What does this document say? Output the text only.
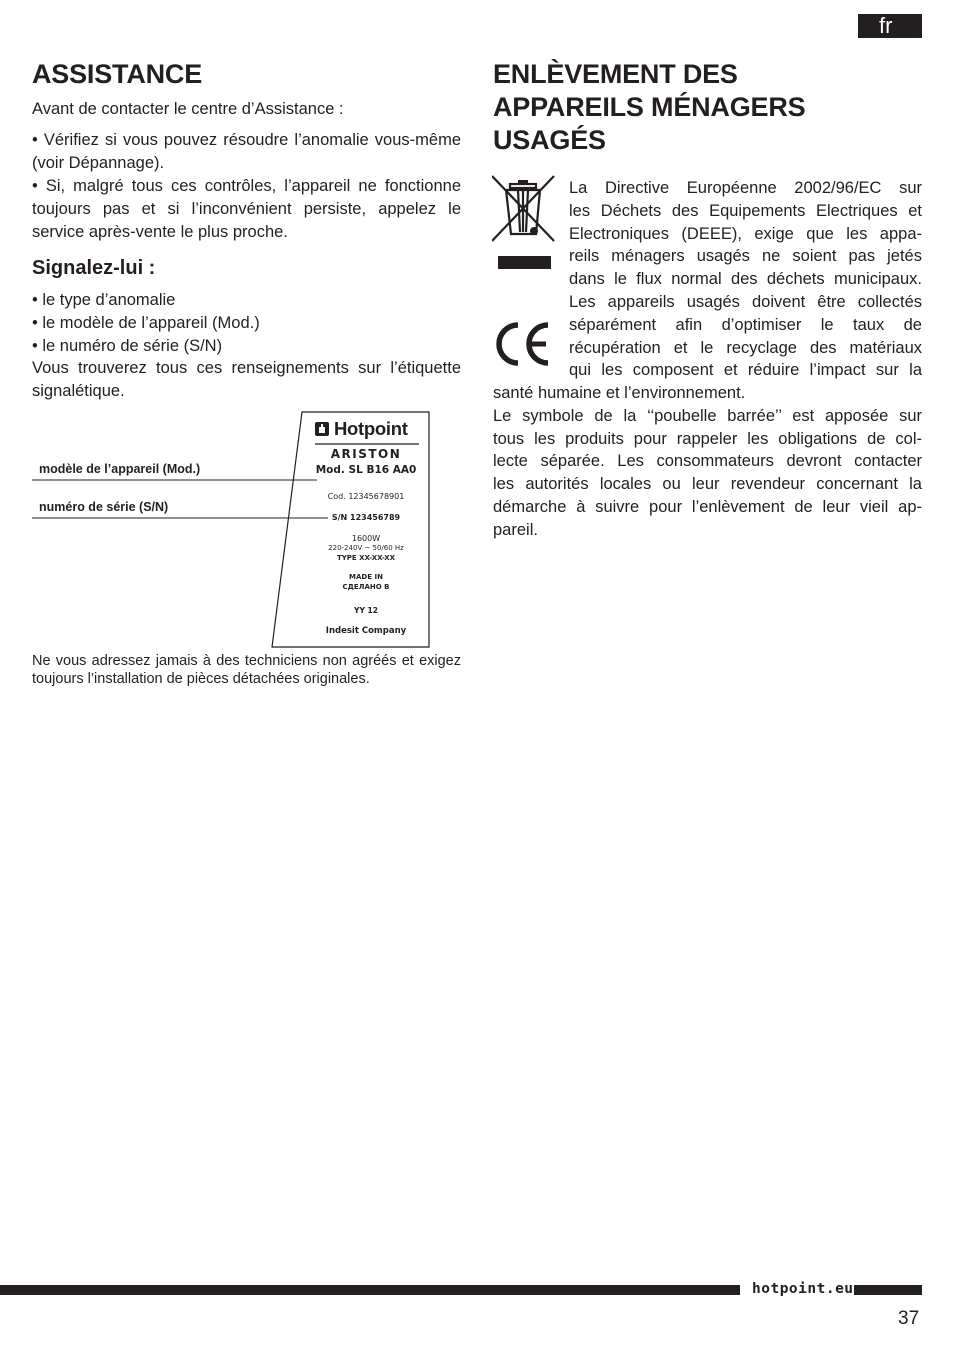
fr
ASSISTANCE
Avant de contacter le centre d’Assistance :
• Vérifiez si vous pouvez résoudre l’anomalie vous-même (voir Dépannage).
• Si, malgré tous ces contrôles, l’appareil ne fonctionne toujours pas et si l’inconvénient persiste, appelez le service après-vente le plus proche.
Signalez-lui :
• le type d’anomalie
• le modèle de l’appareil (Mod.)
• le numéro de série (S/N)
Vous trouverez tous ces renseignements sur l’étiquette signalétique.
modèle de l’appareil (Mod.)
numéro de série (S/N)
Hotpoint
ARISTON
Mod. SL B16 AA0
Cod. 12345678901
S/N 123456789
1600W
220-240V ~ 50/60 Hz
TYPE XX-XX-XX
MADE IN
СДЕЛАНО В
YY 12
Indesit Company
Ne vous adressez jamais à des techniciens non agréés et exigez toujours l’installation de pièces détachées originales.
ENLÈVEMENT DES
APPAREILS MÉNAGERS
USAGÉS
La Directive Européenne 2002/96/EC sur
les Déchets des Equipements Electriques et
Electroniques (DEEE), exige que les appa-
reils ménagers usagés ne soient pas jetés
dans le flux normal des déchets municipaux.
Les appareils usagés doivent être collectés
séparément afin d’optimiser le taux de
récupération et le recyclage des matériaux
qui les composent et réduire l’impact sur la
santé humaine et l’environnement.
Le symbole de la ‘‘poubelle barrée’’ est apposée sur
tous les produits pour rappeler les obligations de col-
lecte séparée. Les consommateurs devront contacter
les autorités locales ou leur revendeur concernant la
démarche à suivre pour l’enlèvement de leur vieil ap-
pareil.
hotpoint.eu
37
